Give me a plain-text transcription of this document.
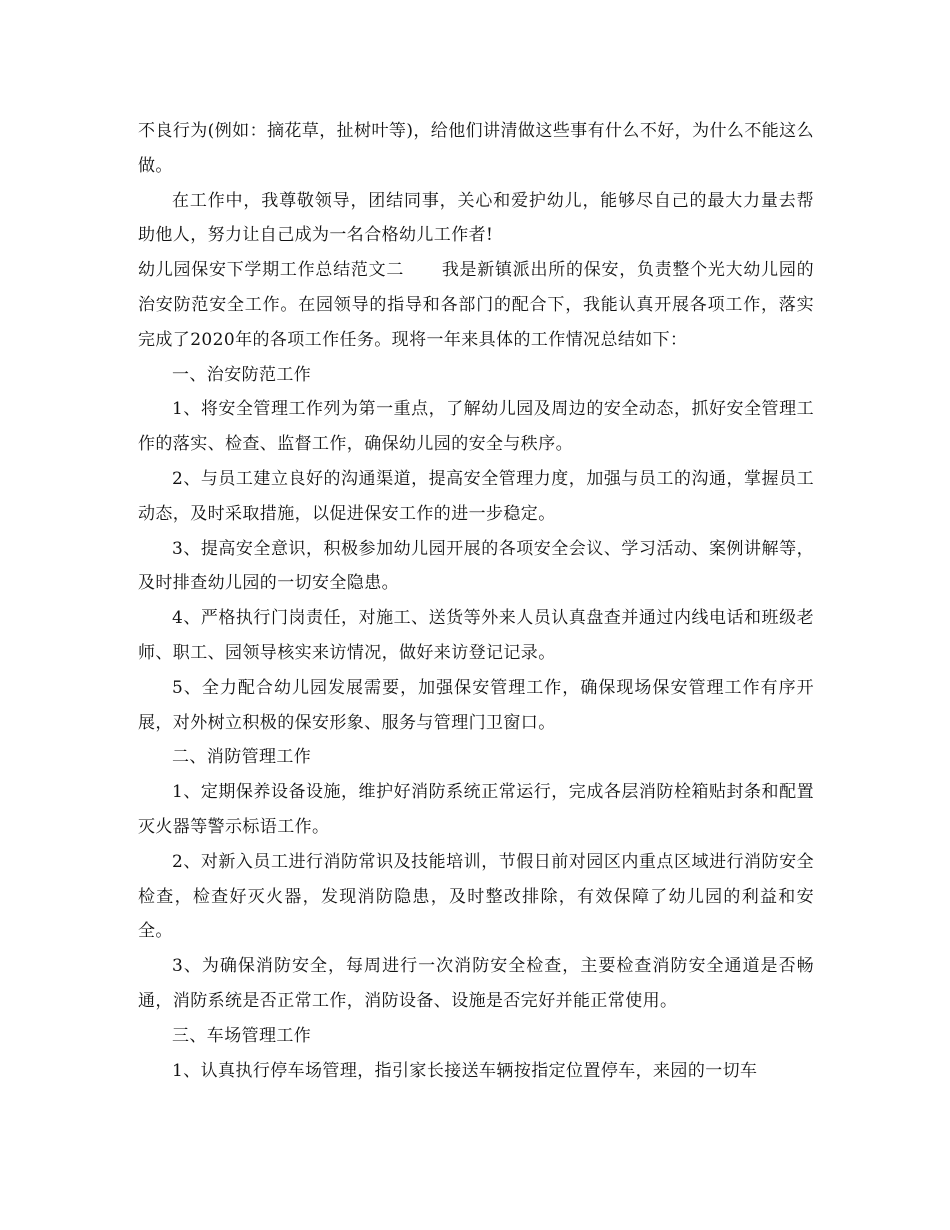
不良行为(例如：摘花草，扯树叶等)，给他们讲清做这些事有什么不好，为什么不能这么做。

在工作中，我尊敬领导，团结同事，关心和爱护幼儿，能够尽自己的最大力量去帮助他人，努力让自己成为一名合格幼儿工作者!

幼儿园保安下学期工作总结范文二 我是新镇派出所的保安，负责整个光大幼儿园的治安防范安全工作。在园领导的指导和各部门的配合下，我能认真开展各项工作，落实完成了2020年的各项工作任务。现将一年来具体的工作情况总结如下：

一、治安防范工作

1、将安全管理工作列为第一重点，了解幼儿园及周边的安全动态，抓好安全管理工作的落实、检查、监督工作，确保幼儿园的安全与秩序。

2、与员工建立良好的沟通渠道，提高安全管理力度，加强与员工的沟通，掌握员工动态，及时采取措施，以促进保安工作的进一步稳定。

3、提高安全意识，积极参加幼儿园开展的各项安全会议、学习活动、案例讲解等，及时排查幼儿园的一切安全隐患。

4、严格执行门岗责任，对施工、送货等外来人员认真盘查并通过内线电话和班级老师、职工、园领导核实来访情况，做好来访登记记录。

5、全力配合幼儿园发展需要，加强保安管理工作，确保现场保安管理工作有序开展，对外树立积极的保安形象、服务与管理门卫窗口。

二、消防管理工作

1、定期保养设备设施，维护好消防系统正常运行，完成各层消防栓箱贴封条和配置灭火器等警示标语工作。

2、对新入员工进行消防常识及技能培训，节假日前对园区内重点区域进行消防安全检查，检查好灭火器，发现消防隐患，及时整改排除，有效保障了幼儿园的利益和安全。

3、为确保消防安全，每周进行一次消防安全检查，主要检查消防安全通道是否畅通，消防系统是否正常工作，消防设备、设施是否完好并能正常使用。

三、车场管理工作

1、认真执行停车场管理，指引家长接送车辆按指定位置停车，来园的一切车
